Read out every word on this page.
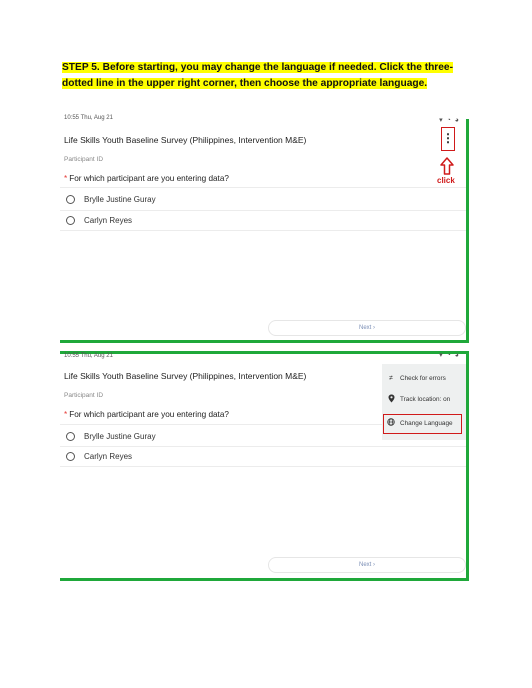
STEP 5. Before starting, you may change the language if needed. Click the three-dotted line in the upper right corner, then choose the appropriate language.
10:55 Thu, Aug 21	▾ ◔ ◕
Life Skills Youth Baseline Survey (Philippines, Intervention M&E)
Participant ID
* For which participant are you entering data?
Brylle Justine Guray
Carlyn Reyes
Next ›
⋮
click
10:55 Thu, Aug 21	▾ ◔ ◕
Life Skills Youth Baseline Survey (Philippines, Intervention M&E)
Participant ID
* For which participant are you entering data?
Brylle Justine Guray
Carlyn Reyes
Next ›
≠	Check for errors
Track location: on
Change Language
